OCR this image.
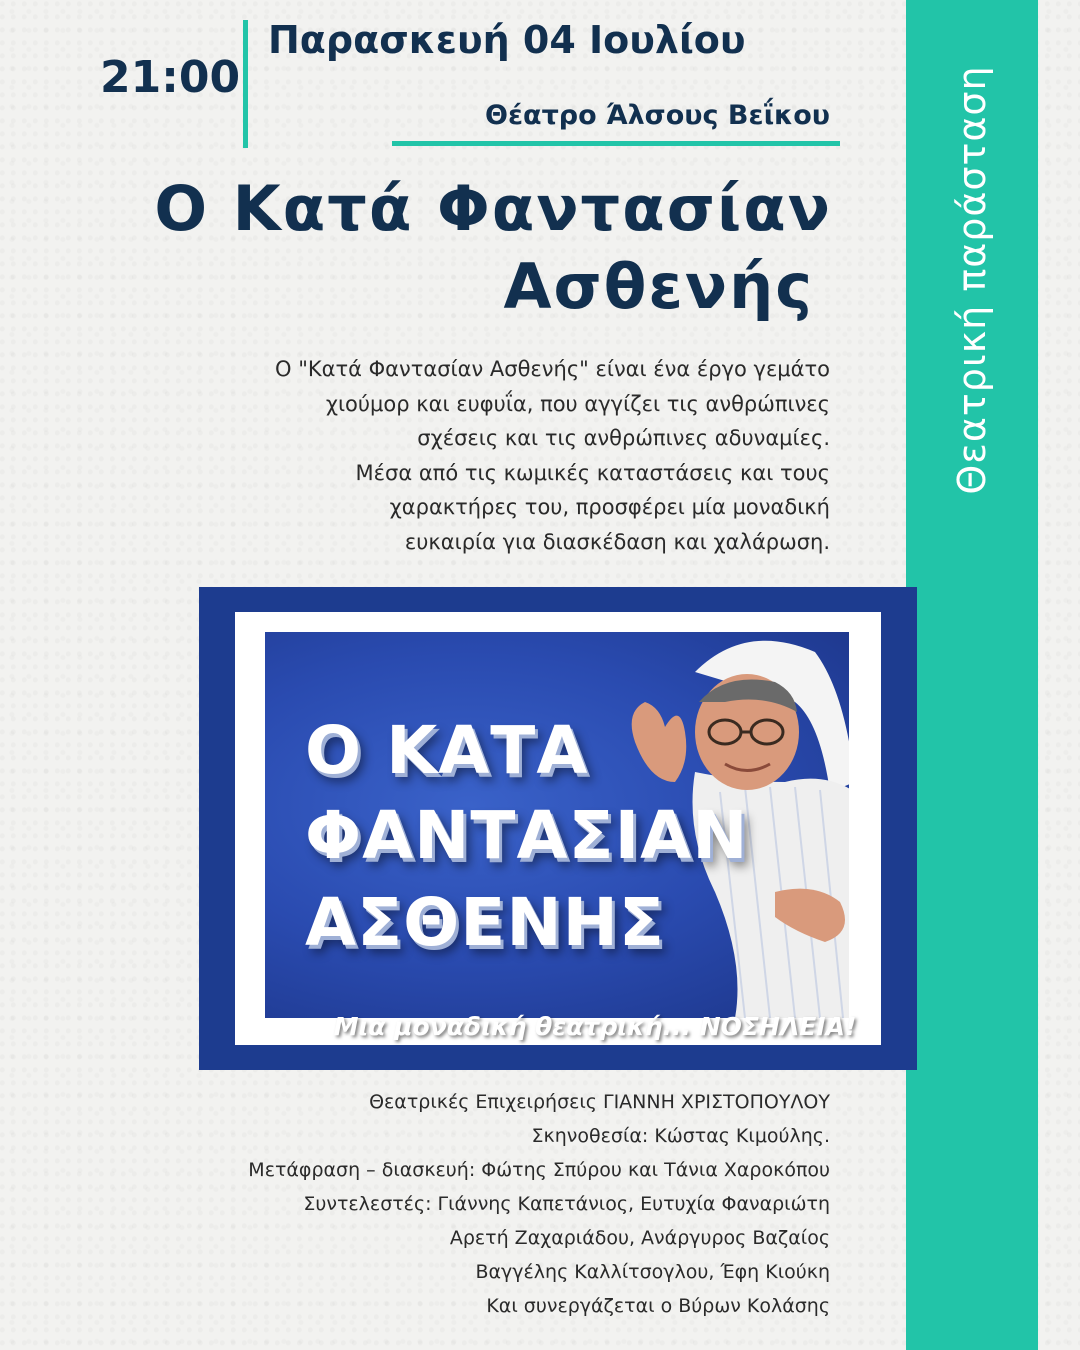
Θεατρική παράσταση
21:00
Παρασκευή 04 Ιουλίου
Θέατρο Άλσους Βεΐκου
Ο Κατά Φαντασίαν
Ασθενής
Ο "Κατά Φαντασίαν Ασθενής" είναι ένα έργο γεμάτο
χιούμορ και ευφυΐα, που αγγίζει τις ανθρώπινες
σχέσεις και τις ανθρώπινες αδυναμίες.
Μέσα από τις κωμικές καταστάσεις και τους
χαρακτήρες του, προσφέρει μία μοναδική
ευκαιρία για διασκέδαση και χαλάρωση.
Ο ΚΑΤΑ
ΦΑΝΤΑΣΙΑΝ
ΑΣΘΕΝΗΣ
Μια μοναδική θεατρική... ΝΟΣΗΛΕΙΑ!
Θεατρικές Επιχειρήσεις ΓΙΑΝΝΗ ΧΡΙΣΤΟΠΟΥΛΟΥ
Σκηνοθεσία: Κώστας Κιμούλης.
Μετάφραση – διασκευή: Φώτης Σπύρου και Τάνια Χαροκόπου
Συντελεστές: Γιάννης Καπετάνιος, Ευτυχία Φαναριώτη
Αρετή Ζαχαριάδου, Ανάργυρος Βαζαίος
Βαγγέλης Καλλίτσογλου, Έφη Κιούκη
Και συνεργάζεται ο Βύρων Κολάσης
